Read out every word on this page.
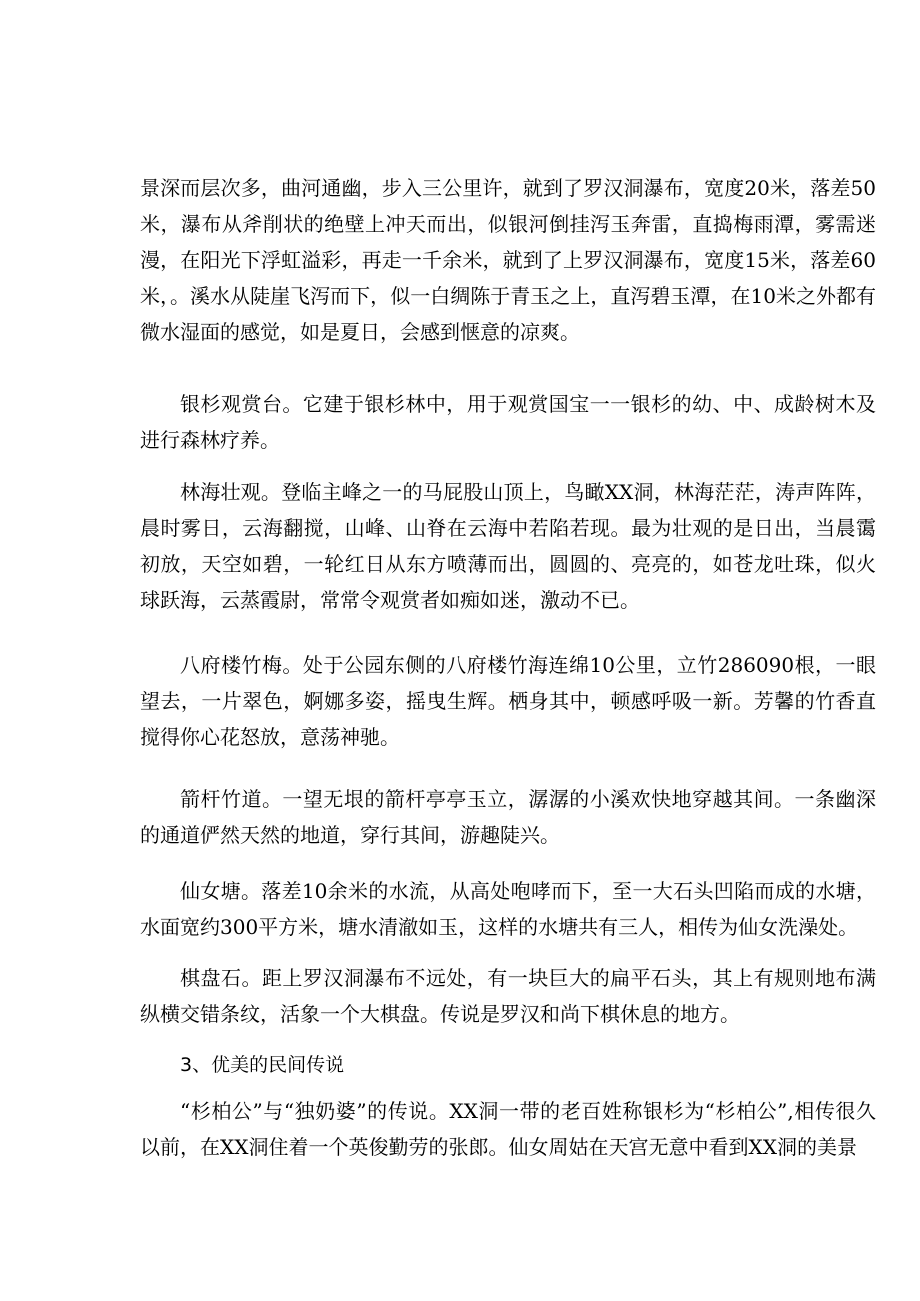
景深而层次多，曲河通幽，步入三公里许，就到了罗汉洞瀑布，宽度20米，落差50米，瀑布从斧削状的绝壁上冲天而出，似银河倒挂泻玉奔雷，直捣梅雨潭，雾需迷漫，在阳光下浮虹溢彩，再走一千余米，就到了上罗汉洞瀑布，宽度15米，落差60米，。溪水从陡崖飞泻而下，似一白绸陈于青玉之上，直泻碧玉潭，在10米之外都有微水湿面的感觉，如是夏日，会感到惬意的凉爽。

银杉观赏台。它建于银杉林中，用于观赏国宝一一银杉的幼、中、成龄树木及进行森林疗养。

林海壮观。登临主峰之一的马屁股山顶上，鸟瞰XX洞，林海茫茫，涛声阵阵，晨时雾日，云海翻搅，山峰、山脊在云海中若陷若现。最为壮观的是日出，当晨霭初放，天空如碧，一轮红日从东方喷薄而出，圆圆的、亮亮的，如苍龙吐珠，似火球跃海，云蒸霞尉，常常令观赏者如痴如迷，激动不已。

八府楼竹梅。处于公园东侧的八府楼竹海连绵10公里，立竹286090根，一眼望去，一片翠色，婀娜多姿，摇曳生辉。栖身其中，顿感呼吸一新。芳馨的竹香直搅得你心花怒放，意荡神驰。

箭杆竹道。一望无垠的箭杆亭亭玉立，潺潺的小溪欢快地穿越其间。一条幽深的通道俨然天然的地道，穿行其间，游趣陡兴。

仙女塘。落差10余米的水流，从高处咆哮而下，至一大石头凹陷而成的水塘，水面宽约300平方米，塘水清澈如玉，这样的水塘共有三人，相传为仙女洗澡处。

棋盘石。距上罗汉洞瀑布不远处，有一块巨大的扁平石头，其上有规则地布满纵横交错条纹，活象一个大棋盘。传说是罗汉和尚下棋休息的地方。

3、优美的民间传说

“杉柏公”与“独奶婆”的传说。XX洞一带的老百姓称银杉为“杉柏公”,相传很久以前，在XX洞住着一个英俊勤劳的张郎。仙女周姑在天宫无意中看到XX洞的美景
